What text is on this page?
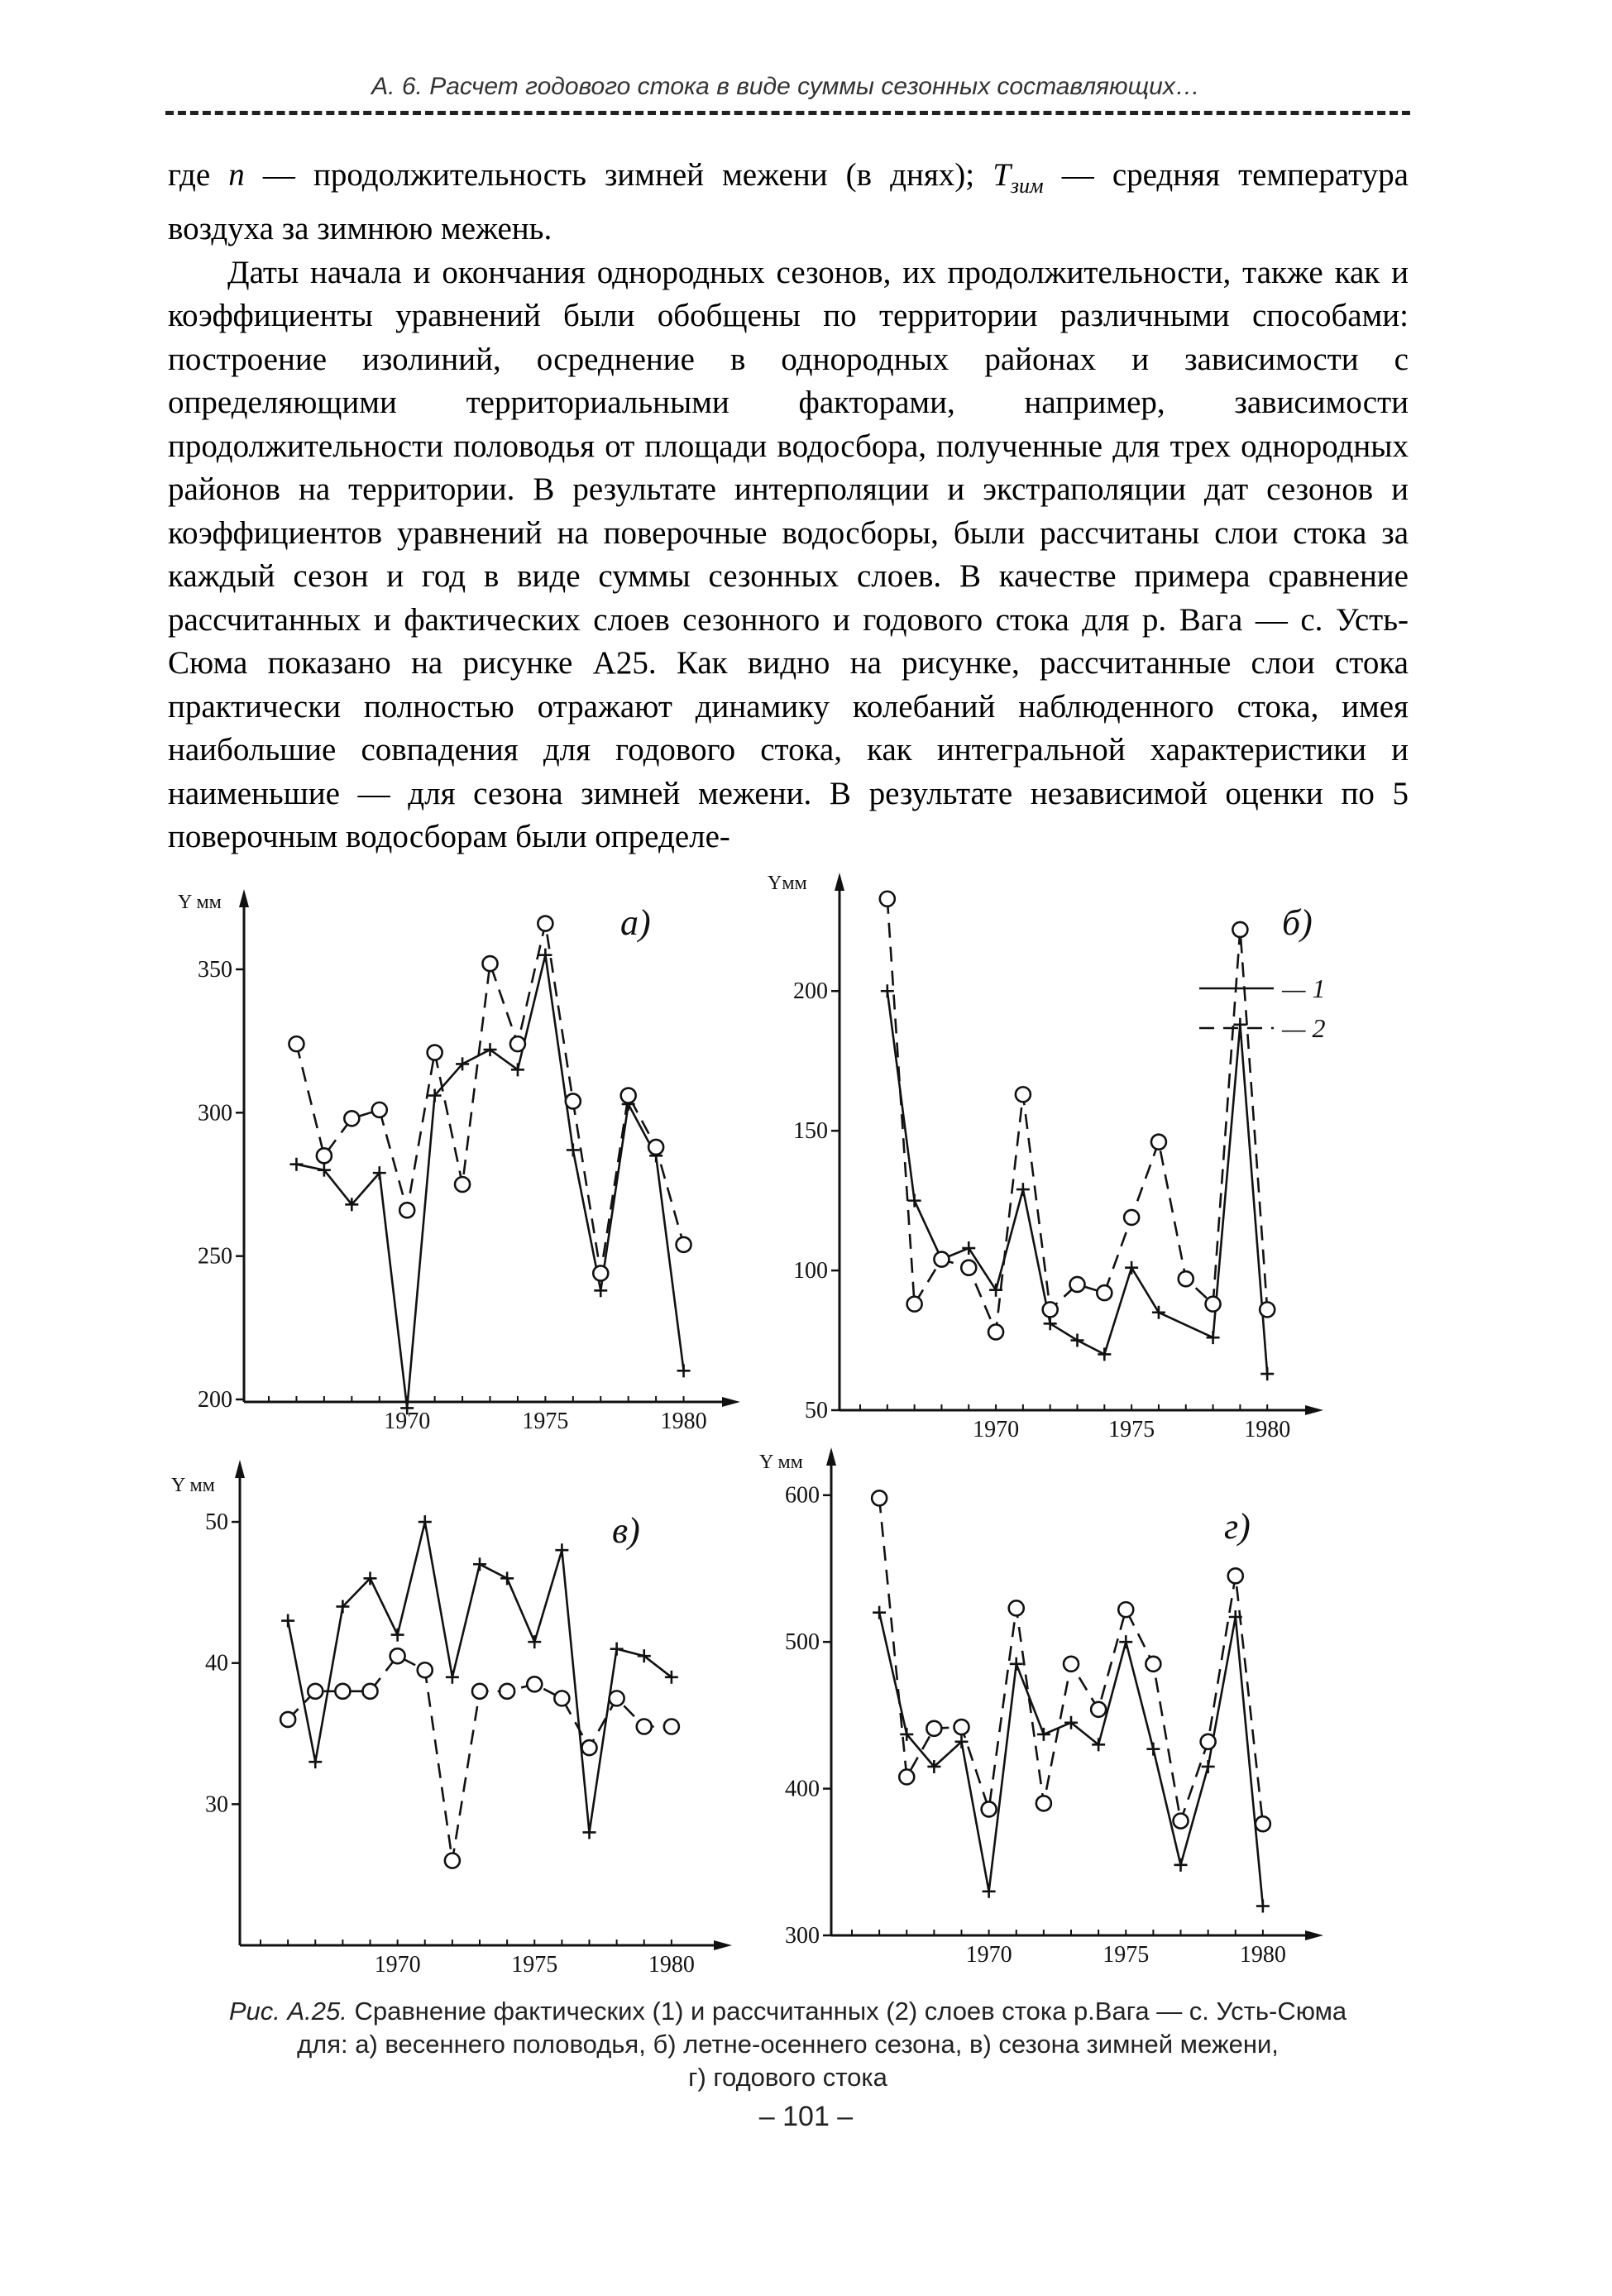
А. 6. Расчет годового стока в виде суммы сезонных составляющих…

где n — продолжительность зимней межени (в днях); $T_{зим}$ — средняя температура воздуха за зимнюю межень.

Даты начала и окончания однородных сезонов, их продолжительности, также как и коэффициенты уравнений были обобщены по территории различными способами: построение изолиний, осреднение в однородных районах и зависимости с определяющими территориальными факторами, например, зависимости продолжительности половодья от площади водосбора, полученные для трех однородных районов на территории. В результате интерполяции и экстраполяции дат сезонов и коэффициентов уравнений на поверочные водосборы, были рассчитаны слои стока за каждый сезон и год в виде суммы сезонных слоев. В качестве примера сравнение рассчитанных и фактических слоев сезонного и годового стока для р. Вага — с. Усть-Сюма показано на рисунке А25. Как видно на рисунке, рассчитанные слои стока практически полностью отражают динамику колебаний наблюденного стока, имея наибольшие совпадения для годового стока, как интегральной характеристики и наименьшие — для сезона зимней межени. В результате независимой оценки по 5 поверочным водосборам были определе-

Y мм
200
250
300
350
1970	1975	1980
а)
Yмм
50
100
150
200
1970	1975	1980
б)
— 1
— 2
Y мм
30
40
50
1970	1975	1980
в)
Y мм
300
400
500
600
1970	1975	1980
г)
Рис. А.25. Сравнение фактических (1) и рассчитанных (2) слоев стока р.Вага — с. Усть-Сюма
для: а) весеннего половодья, б) летне-осеннего сезона, в) сезона зимней межени,
г) годового стока
– 101 –
